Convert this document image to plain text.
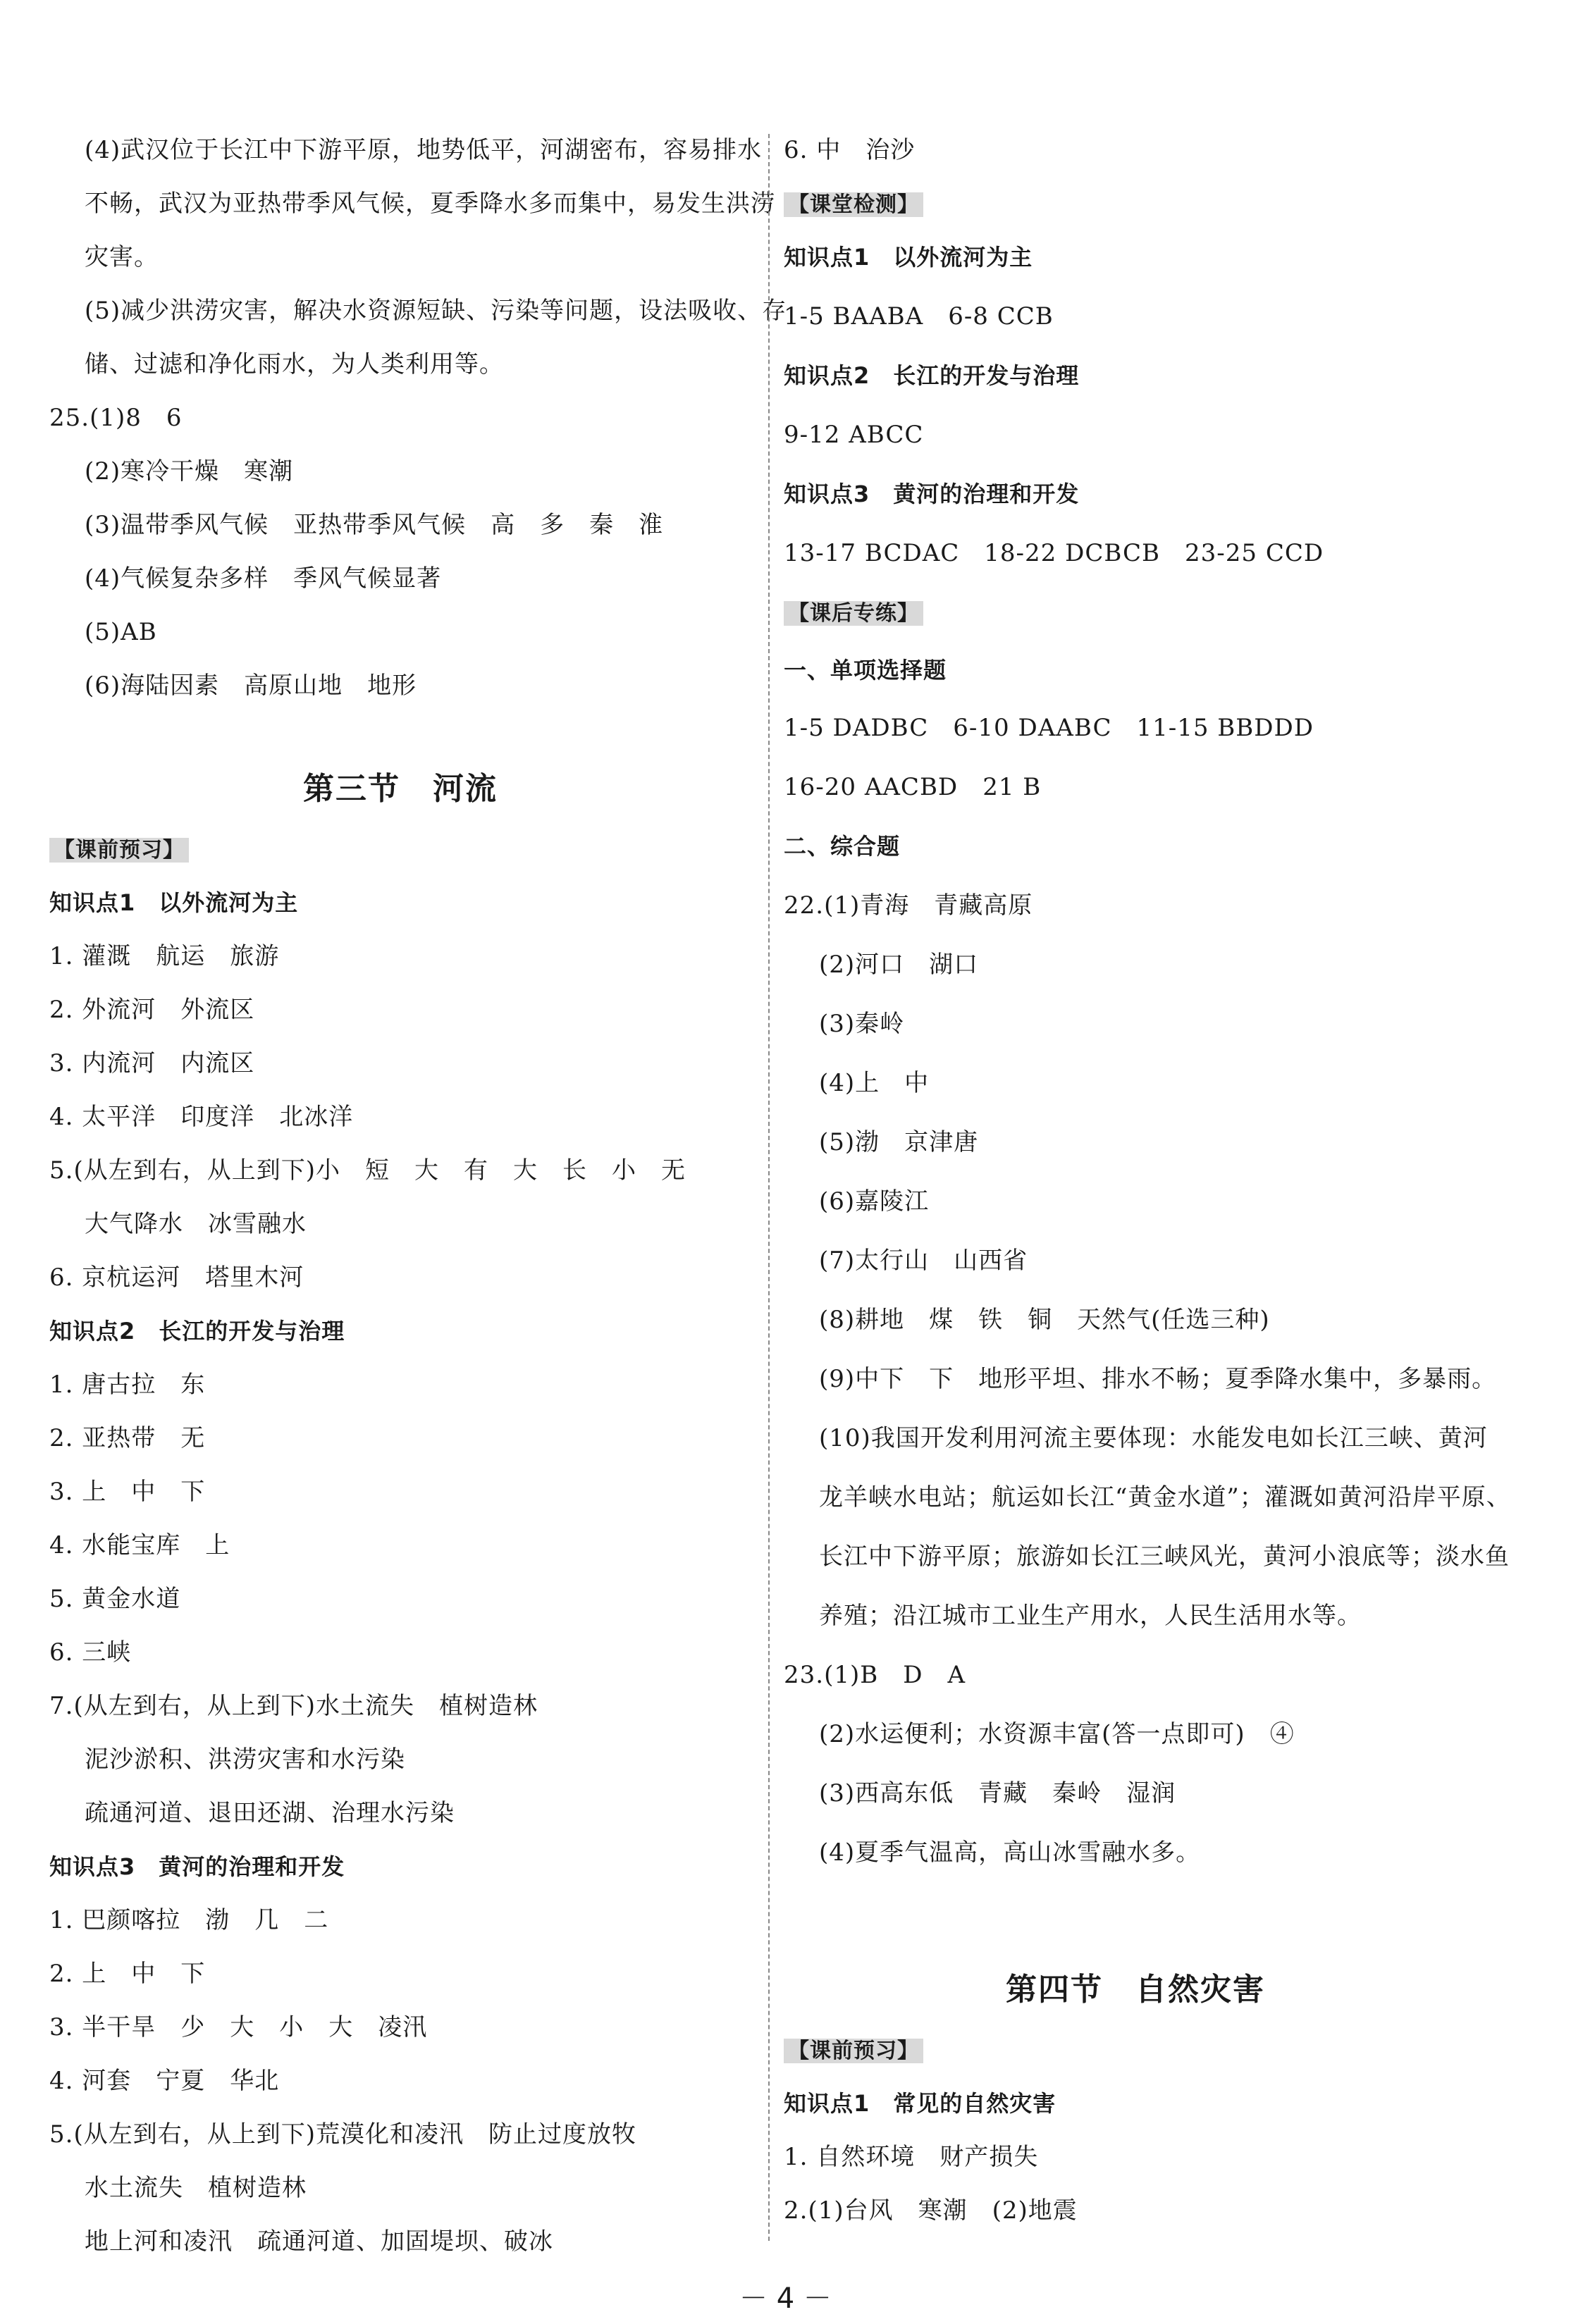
(4)武汉位于长江中下游平原，地势低平，河湖密布，容易排水
不畅，武汉为亚热带季风气候，夏季降水多而集中，易发生洪涝
灾害。
(5)减少洪涝灾害，解决水资源短缺、污染等问题，设法吸收、存
储、过滤和净化雨水，为人类利用等。
25.(1)8　6
(2)寒冷干燥　寒潮
(3)温带季风气候　亚热带季风气候　高　多　秦　淮
(4)气候复杂多样　季风气候显著
(5)AB
(6)海陆因素　高原山地　地形
第三节　河流
【课前预习】
知识点1　以外流河为主
1. 灌溉　航运　旅游
2. 外流河　外流区
3. 内流河　内流区
4. 太平洋　印度洋　北冰洋
5.(从左到右，从上到下)小　短　大　有　大　长　小　无
大气降水　冰雪融水
6. 京杭运河　塔里木河
知识点2　长江的开发与治理
1. 唐古拉　东
2. 亚热带　无
3. 上　中　下
4. 水能宝库　上
5. 黄金水道
6. 三峡
7.(从左到右，从上到下)水土流失　植树造林
泥沙淤积、洪涝灾害和水污染
疏通河道、退田还湖、治理水污染
知识点3　黄河的治理和开发
1. 巴颜喀拉　渤　几　二
2. 上　中　下
3. 半干旱　少　大　小　大　凌汛
4. 河套　宁夏　华北
5.(从左到右，从上到下)荒漠化和凌汛　防止过度放牧
水土流失　植树造林
地上河和凌汛　疏通河道、加固堤坝、破冰
6. 中　治沙
【课堂检测】
知识点1　以外流河为主
1-5 BAABA　6-8 CCB
知识点2　长江的开发与治理
9-12 ABCC
知识点3　黄河的治理和开发
13-17 BCDAC　18-22 DCBCB　23-25 CCD
【课后专练】
一、单项选择题
1-5 DADBC　6-10 DAABC　11-15 BBDDD
16-20 AACBD　21 B
二、综合题
22.(1)青海　青藏高原
(2)河口　湖口
(3)秦岭
(4)上　中
(5)渤　京津唐
(6)嘉陵江
(7)太行山　山西省
(8)耕地　煤　铁　铜　天然气(任选三种)
(9)中下　下　地形平坦、排水不畅；夏季降水集中，多暴雨。
(10)我国开发利用河流主要体现：水能发电如长江三峡、黄河
龙羊峡水电站；航运如长江“黄金水道”；灌溉如黄河沿岸平原、
长江中下游平原；旅游如长江三峡风光，黄河小浪底等；淡水鱼
养殖；沿江城市工业生产用水，人民生活用水等。
23.(1)B　D　A
(2)水运便利；水资源丰富(答一点即可)　④
(3)西高东低　青藏　秦岭　湿润
(4)夏季气温高，高山冰雪融水多。
第四节　自然灾害
【课前预习】
知识点1　常见的自然灾害
1. 自然环境　财产损失
2.(1)台风　寒潮　(2)地震
－ 4 －
